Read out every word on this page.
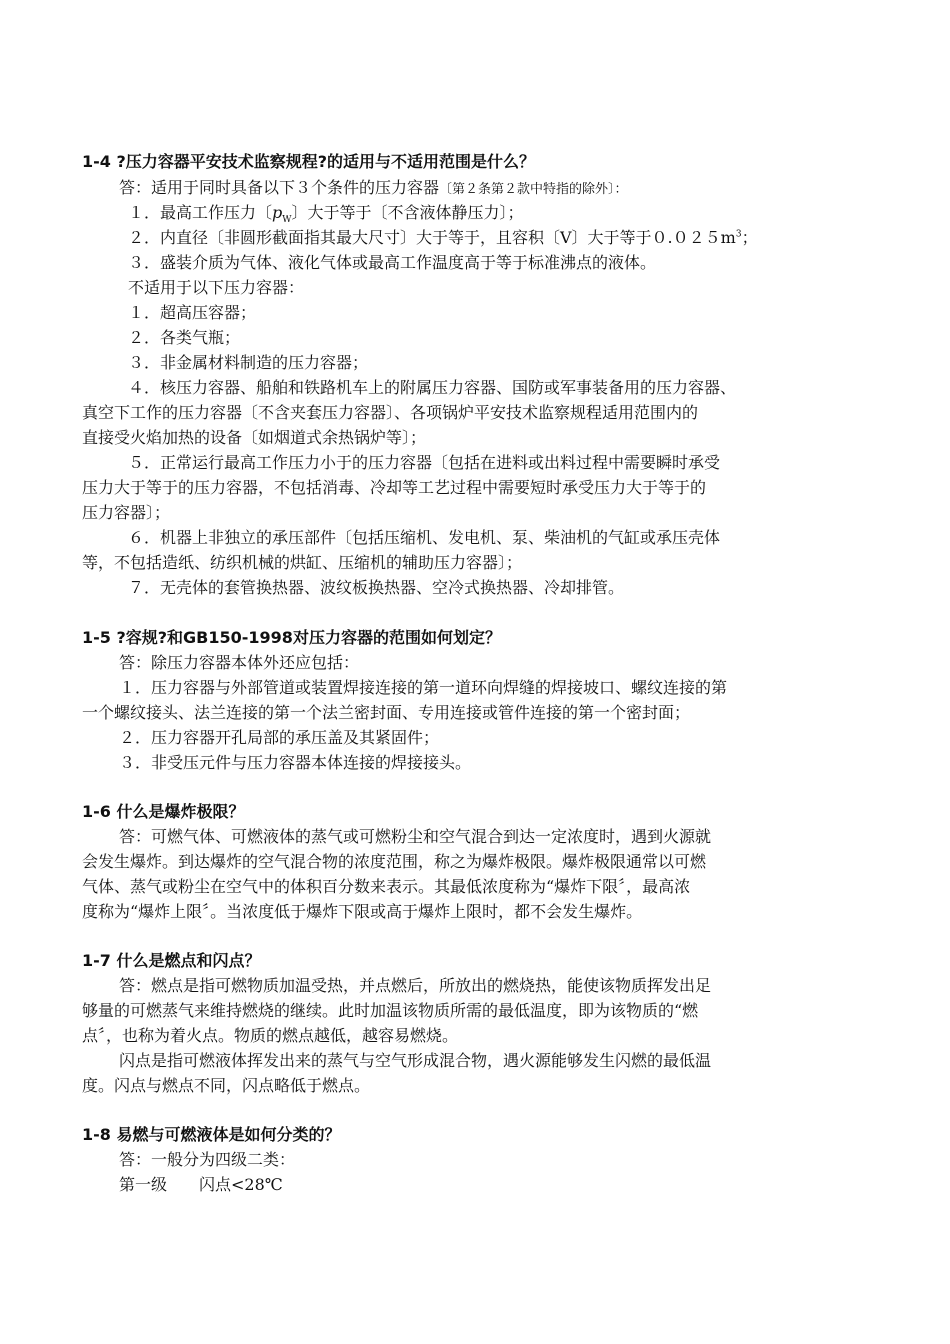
1-4 ?压力容器平安技术监察规程?的适用与不适用范围是什么？
答：适用于同时具备以下３个条件的压力容器〔第２条第２款中特指的除外〕：
１．最高工作压力〔$p_W$〕大于等于〔不含液体静压力〕；
２．内直径〔非圆形截面指其最大尺寸〕大于等于，且容积〔V〕大于等于$0.025m^3$；
３．盛装介质为气体、液化气体或最高工作温度高于等于标准沸点的液体。
不适用于以下压力容器：
１．超高压容器；
２．各类气瓶；
３．非金属材料制造的压力容器；
４．核压力容器、船舶和铁路机车上的附属压力容器、国防或军事装备用的压力容器、
真空下工作的压力容器〔不含夹套压力容器〕、各项锅炉平安技术监察规程适用范围内的
直接受火焰加热的设备〔如烟道式余热锅炉等〕；
５．正常运行最高工作压力小于的压力容器〔包括在进料或出料过程中需要瞬时承受
压力大于等于的压力容器，不包括消毒、冷却等工艺过程中需要短时承受压力大于等于的
压力容器〕；
６．机器上非独立的承压部件〔包括压缩机、发电机、泵、柴油机的气缸或承压壳体
等，不包括造纸、纺织机械的烘缸、压缩机的辅助压力容器〕；
７．无壳体的套管换热器、波纹板换热器、空冷式换热器、冷却排管。
1-5 ?容规?和GB150-1998对压力容器的范围如何划定？
答：除压力容器本体外还应包括：
１．压力容器与外部管道或装置焊接连接的第一道环向焊缝的焊接坡口、螺纹连接的第
一个螺纹接头、法兰连接的第一个法兰密封面、专用连接或管件连接的第一个密封面；
２．压力容器开孔局部的承压盖及其紧固件；
３．非受压元件与压力容器本体连接的焊接接头。
1-6 什么是爆炸极限？
答：可燃气体、可燃液体的蒸气或可燃粉尘和空气混合到达一定浓度时，遇到火源就
会发生爆炸。到达爆炸的空气混合物的浓度范围，称之为爆炸极限。爆炸极限通常以可燃
气体、蒸气或粉尘在空气中的体积百分数来表示。其最低浓度称为“爆炸下限〞，最高浓
度称为“爆炸上限〞。当浓度低于爆炸下限或高于爆炸上限时，都不会发生爆炸。
1-7 什么是燃点和闪点？
答：燃点是指可燃物质加温受热，并点燃后，所放出的燃烧热，能使该物质挥发出足
够量的可燃蒸气来维持燃烧的继续。此时加温该物质所需的最低温度，即为该物质的“燃
点〞，也称为着火点。物质的燃点越低，越容易燃烧。
闪点是指可燃液体挥发出来的蒸气与空气形成混合物，遇火源能够发生闪燃的最低温
度。闪点与燃点不同，闪点略低于燃点。
1-8 易燃与可燃液体是如何分类的？
答：一般分为四级二类：
第一级　　闪点<28℃
